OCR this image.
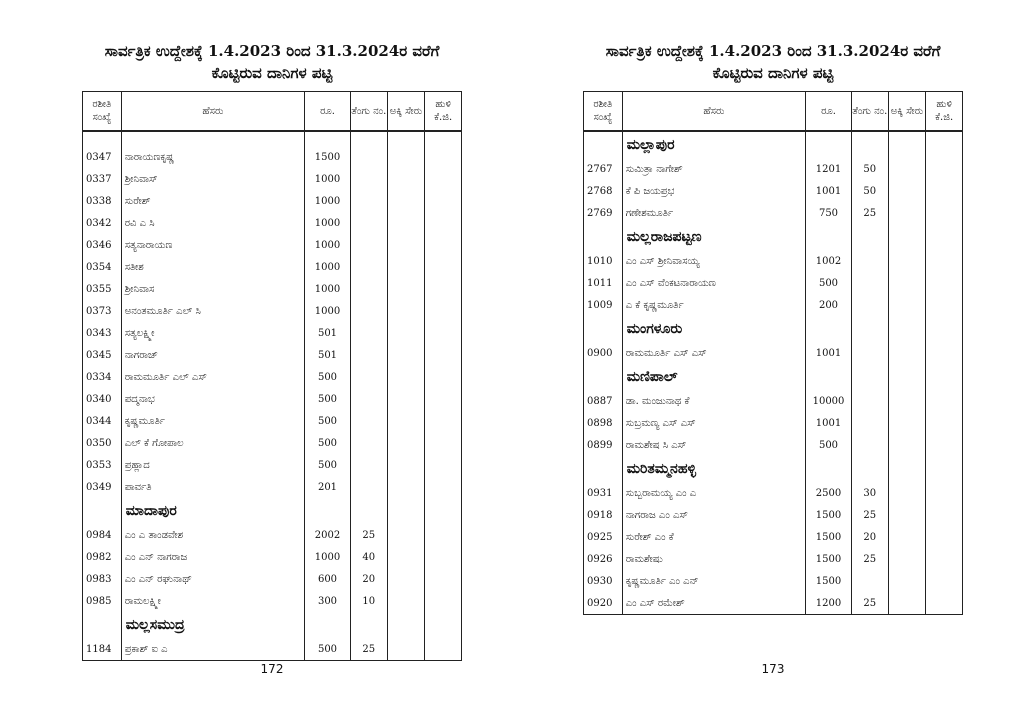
ಸಾರ್ವತ್ರಿಕ ಉದ್ದೇಶಕ್ಕೆ 1.4.2023 ರಿಂದ 31.3.2024ರ ವರೆಗೆ
ಕೊಟ್ಟಿರುವ ದಾನಿಗಳ ಪಟ್ಟಿ
ರಶೀತಿ ಸಂಖ್ಯೆ	ಹೆಸರು	ರೂ.	ತೆಂಗು ನಂ.	ಅಕ್ಕಿ ಸೇರು	ಹುಳಿ ಕೆ.ಜಿ.

0347	ನಾರಾಯಣಕೃಷ್ಣ	1500			
0337	ಶ್ರೀನಿವಾಸ್	1000			
0338	ಸುರೇಶ್	1000			
0342	ರವಿ ಎ ಸಿ	1000			
0346	ಸತ್ಯನಾರಾಯಣ	1000			
0354	ಸತೀಶ	1000			
0355	ಶ್ರೀನಿವಾಸ	1000			
0373	ಅನಂತಮೂರ್ತಿ ಎಲ್ ಸಿ	1000			
0343	ಸತ್ಯಲಕ್ಷ್ಮೀ	501			
0345	ನಾಗರಾಜ್	501			
0334	ರಾಮಮೂರ್ತಿ ಎಲ್ ಎಸ್	500			
0340	ಪದ್ಮನಾಭ	500			
0344	ಕೃಷ್ಣಮೂರ್ತಿ	500			
0350	ಎಲ್ ಕೆ ಗೋಪಾಲ	500			
0353	ಪ್ರಹ್ಲಾದ	500			
0349	ಪಾರ್ವತಿ	201			
	ಮಾದಾಪುರ				
0984	ಎಂ ಎ ತಾಂಡವೇಶ	2002	25		
0982	ಎಂ ಎನ್ ನಾಗರಾಜ	1000	40		
0983	ಎಂ ಎನ್ ರಘುನಾಥ್	600	20		
0985	ರಾಮಲಕ್ಷ್ಮೀ	300	10		
	ಮಲ್ಲಸಮುದ್ರ				
1184	ಪ್ರಕಾಶ್ ಐ ಎ	500	25		
172
ಸಾರ್ವತ್ರಿಕ ಉದ್ದೇಶಕ್ಕೆ 1.4.2023 ರಿಂದ 31.3.2024ರ ವರೆಗೆ
ಕೊಟ್ಟಿರುವ ದಾನಿಗಳ ಪಟ್ಟಿ
ರಶೀತಿ ಸಂಖ್ಯೆ	ಹೆಸರು	ರೂ.	ತೆಂಗು ನಂ.	ಅಕ್ಕಿ ಸೇರು	ಹುಳಿ ಕೆ.ಜಿ.
	ಮಲ್ಲಾಪುರ				
2767	ಸುಮಿತ್ರಾ ನಾಗೇಶ್	1201	50		
2768	ಕೆ ಪಿ ಜಯಪ್ರಭ	1001	50		
2769	ಗಣೇಶಮೂರ್ತಿ	750	25		
	ಮಲ್ಲರಾಜಪಟ್ಟಣ				
1010	ಎಂ ಎಸ್ ಶ್ರೀನಿವಾಸಯ್ಯ	1002			
1011	ಎಂ ಎಸ್ ವೆಂಕಟನಾರಾಯಣ	500			
1009	ಎ ಕೆ ಕೃಷ್ಣಮೂರ್ತಿ	200			
	ಮಂಗಳೂರು				
0900	ರಾಮಮೂರ್ತಿ ಎಸ್ ಎಸ್	1001			
	ಮಣಿಪಾಲ್				
0887	ಡಾ. ಮಂಜುನಾಥ ಕೆ	10000			
0898	ಸುಬ್ರಮಣ್ಯ ಎಸ್ ಎಸ್	1001			
0899	ರಾಮಶೇಷ ಸಿ ಎಸ್	500			
	ಮರಿತಮ್ಮನಹಳ್ಳಿ				
0931	ಸುಬ್ಬರಾಮಯ್ಯ ಎಂ ಎ	2500	30		
0918	ನಾಗರಾಜ ಎಂ ಎಸ್	1500	25		
0925	ಸುರೇಶ್ ಎಂ ಕೆ	1500	20		
0926	ರಾಮಶೇಷು	1500	25		
0930	ಕೃಷ್ಣಮೂರ್ತಿ ಎಂ ಎನ್	1500			
0920	ಎಂ ಎಸ್ ರಮೇಶ್	1200	25		
173
